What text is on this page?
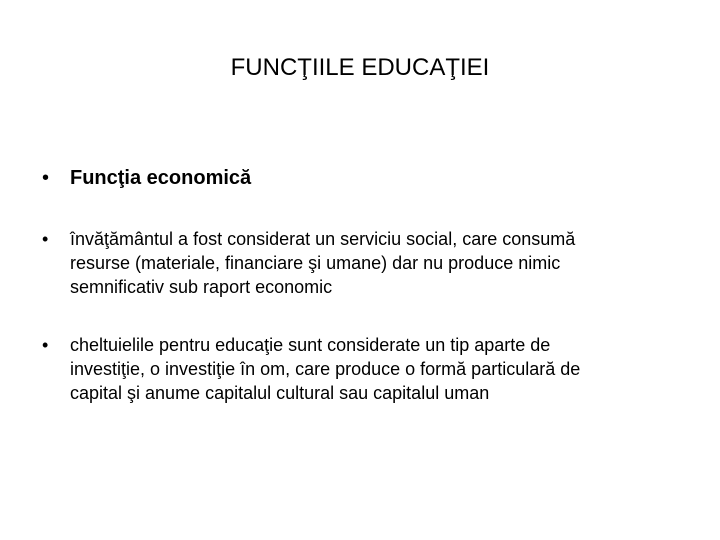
FUNCŢIILE EDUCAŢIEI
•	Funcţia economică
•	învăţământul a fost considerat un serviciu social, care consumă
resurse (materiale, financiare şi umane) dar nu produce nimic
semnificativ sub raport economic
•	cheltuielile pentru educaţie sunt considerate un tip aparte de
investiţie, o investiţie în om, care produce o formă particulară de
capital şi anume capitalul cultural sau capitalul uman
